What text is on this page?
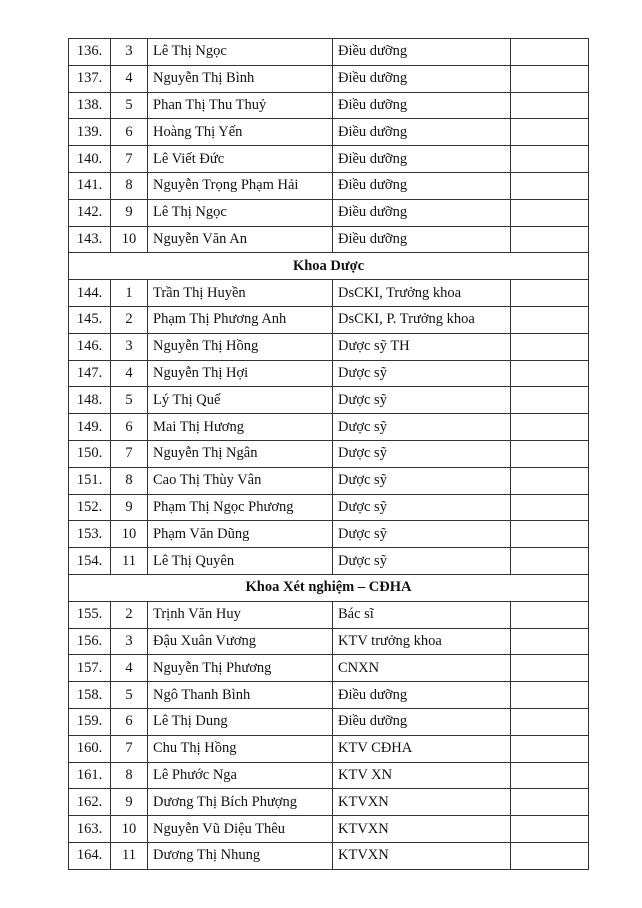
136.	3	Lê Thị Ngọc	Điều dưỡng	
137.	4	Nguyễn Thị Bình	Điều dưỡng	
138.	5	Phan Thị Thu Thuỷ	Điều dưỡng	
139.	6	Hoàng Thị Yến	Điều dưỡng	
140.	7	Lê Viết Đức	Điều dưỡng	
141.	8	Nguyễn Trọng Phạm Hải	Điều dưỡng	
142.	9	Lê Thị Ngọc	Điều dưỡng	
143.	10	Nguyễn Văn An	Điều dưỡng	
Khoa Dược				
144.	1	Trần Thị Huyền	DsCKI, Trưởng khoa	
145.	2	Phạm Thị Phương Anh	DsCKI, P. Trưởng khoa	
146.	3	Nguyễn Thị Hồng	Dược sỹ TH	
147.	4	Nguyễn Thị Hợi	Dược sỹ	
148.	5	Lý Thị Quế	Dược sỹ	
149.	6	Mai Thị Hương	Dược sỹ	
150.	7	Nguyễn Thị Ngân	Dược sỹ	
151.	8	Cao Thị Thùy Vân	Dược sỹ	
152.	9	Phạm Thị Ngọc Phương	Dược sỹ	
153.	10	Phạm Văn Dũng	Dược sỹ	
154.	11	Lê Thị Quyên	Dược sỹ	
Khoa Xét nghiệm – CĐHA				
155.	2	Trịnh Văn Huy	Bác sĩ	
156.	3	Đậu Xuân Vương	KTV trưởng khoa	
157.	4	Nguyễn Thị Phương	CNXN	
158.	5	Ngô Thanh Bình	Điều dưỡng	
159.	6	Lê Thị Dung	Điều dưỡng	
160.	7	Chu Thị Hồng	KTV CĐHA	
161.	8	Lê Phước Nga	KTV XN	
162.	9	Dương Thị Bích Phượng	KTVXN	
163.	10	Nguyễn Vũ Diệu Thêu	KTVXN	
164.	11	Dương Thị Nhung	KTVXN	
